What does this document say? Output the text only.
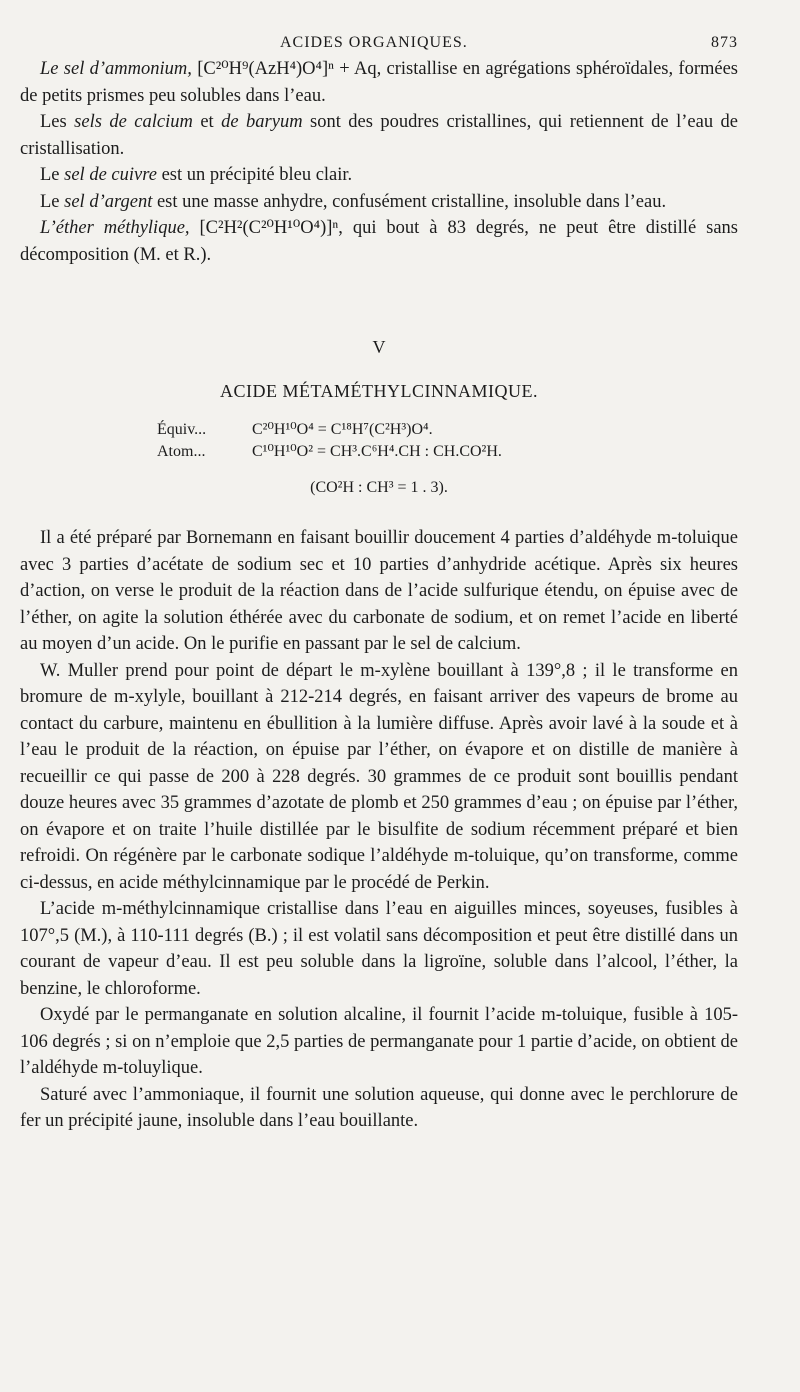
ACIDES ORGANIQUES.	873

Le sel d’ammonium, [C²⁰H⁹(AzH⁴)O⁴]ⁿ + Aq, cristallise en agrégations sphéroïdales, formées de petits prismes peu solubles dans l’eau.

Les sels de calcium et de baryum sont des poudres cristallines, qui retiennent de l’eau de cristallisation.

Le sel de cuivre est un précipité bleu clair.

Le sel d’argent est une masse anhydre, confusément cristalline, insoluble dans l’eau.

L’éther méthylique, [C²H²(C²⁰H¹⁰O⁴)]ⁿ, qui bout à 83 degrés, ne peut être distillé sans décomposition (M. et R.).

V
ACIDE MÉTAMÉTHYLCINNAMIQUE.
Équiv...	C²⁰H¹⁰O⁴ = C¹⁸H⁷(C²H³)O⁴.
Atom...	C¹⁰H¹⁰O² = CH³.C⁶H⁴.CH : CH.CO²H.
(CO²H : CH³ = 1 . 3).

Il a été préparé par Bornemann en faisant bouillir doucement 4 parties d’aldéhyde m-toluique avec 3 parties d’acétate de sodium sec et 10 parties d’anhydride acétique. Après six heures d’action, on verse le produit de la réaction dans de l’acide sulfurique étendu, on épuise avec de l’éther, on agite la solution éthérée avec du carbonate de sodium, et on remet l’acide en liberté au moyen d’un acide. On le purifie en passant par le sel de calcium.

W. Muller prend pour point de départ le m-xylène bouillant à 139°,8 ; il le transforme en bromure de m-xylyle, bouillant à 212-214 degrés, en faisant arriver des vapeurs de brome au contact du carbure, maintenu en ébullition à la lumière diffuse. Après avoir lavé à la soude et à l’eau le produit de la réaction, on épuise par l’éther, on évapore et on distille de manière à recueillir ce qui passe de 200 à 228 degrés. 30 grammes de ce produit sont bouillis pendant douze heures avec 35 grammes d’azotate de plomb et 250 grammes d’eau ; on épuise par l’éther, on évapore et on traite l’huile distillée par le bisulfite de sodium récemment préparé et bien refroidi. On régénère par le carbonate sodique l’aldéhyde m-toluique, qu’on transforme, comme ci-dessus, en acide méthylcinnamique par le procédé de Perkin.

L’acide m-méthylcinnamique cristallise dans l’eau en aiguilles minces, soyeuses, fusibles à 107°,5 (M.), à 110-111 degrés (B.) ; il est volatil sans décomposition et peut être distillé dans un courant de vapeur d’eau. Il est peu soluble dans la ligroïne, soluble dans l’alcool, l’éther, la benzine, le chloroforme.

Oxydé par le permanganate en solution alcaline, il fournit l’acide m-toluique, fusible à 105-106 degrés ; si on n’emploie que 2,5 parties de permanganate pour 1 partie d’acide, on obtient de l’aldéhyde m-toluylique.

Saturé avec l’ammoniaque, il fournit une solution aqueuse, qui donne avec le perchlorure de fer un précipité jaune, insoluble dans l’eau bouillante.
